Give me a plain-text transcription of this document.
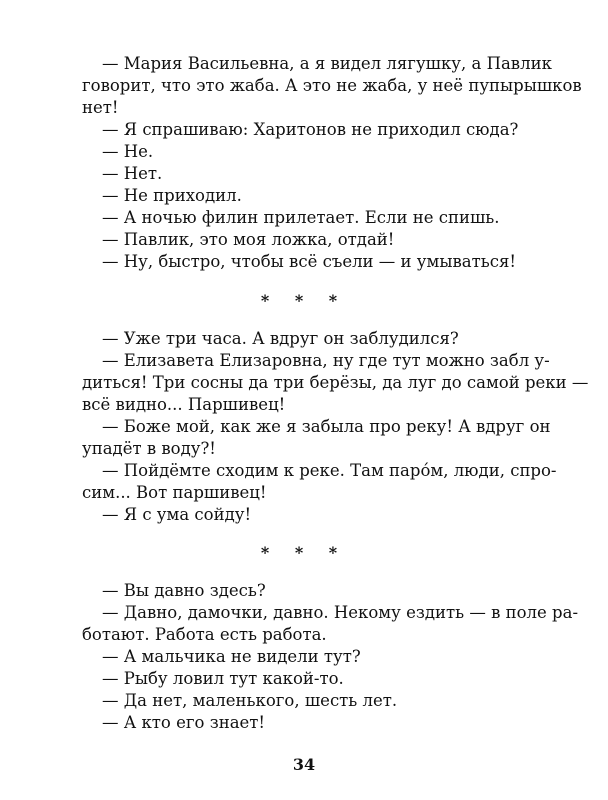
— Мария Васильевна, а я видел лягушку, а Павлик
говорит, что это жаба. А это не жаба, у неё пупырышков
нет!
— Я спрашиваю: Харитонов не приходил сюда?
— Не.
— Нет.
— Не приходил.
— А ночью филин прилетает. Если не спишь.
— Павлик, это моя ложка, отдай!
— Ну, быстро, чтобы всё съели — и умываться!
* * *
— Уже три часа. А вдруг он заблудился?
— Елизавета Елизаровна, ну где тут можно забл у-
диться! Три сосны да три берёзы, да луг до самой реки —
всё видно... Паршивец!
— Боже мой, как же я забыла про реку! А вдруг он
упадёт в воду?!
— Пойдёмте сходим к реке. Там паро́м, люди, спро-
сим... Вот паршивец!
— Я с ума сойду!
* * *
— Вы давно здесь?
— Давно, дамочки, давно. Некому ездить — в поле ра-
ботают. Работа есть работа.
— А мальчика не видели тут?
— Рыбу ловил тут какой-то.
— Да нет, маленького, шесть лет.
— А кто его знает!
34
